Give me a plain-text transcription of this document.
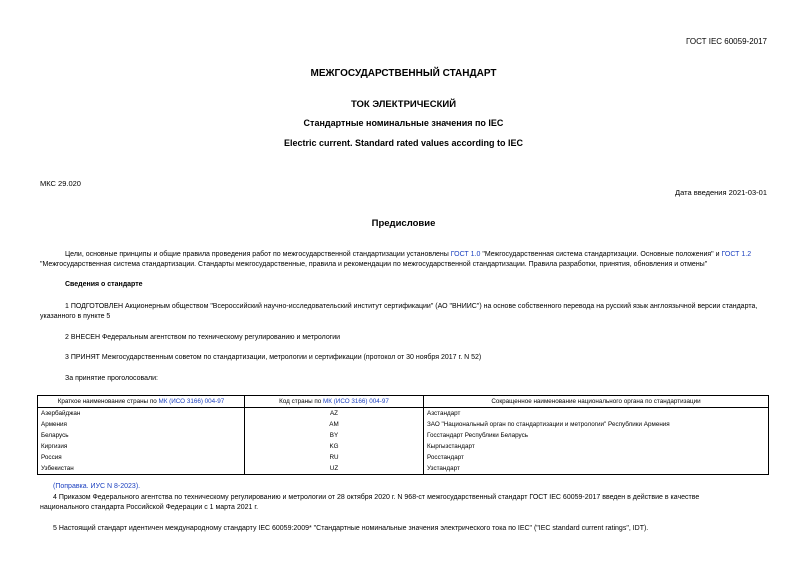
ГОСТ IEC 60059-2017
МЕЖГОСУДАРСТВЕННЫЙ СТАНДАРТ
ТОК ЭЛЕКТРИЧЕСКИЙ
Стандартные номинальные значения по IEC
Electric current. Standard rated values according to IEC
МКС 29.020
Дата введения 2021-03-01
Предисловие
Цели, основные принципы и общие правила проведения работ по межгосударственной стандартизации установлены ГОСТ 1.0 "Межгосударственная система стандартизации. Основные положения" и ГОСТ 1.2
"Межгосударственная система стандартизации. Стандарты межгосударственные, правила и рекомендации по межгосударственной стандартизации. Правила разработки, принятия, обновления и отмены"
Сведения о стандарте
1 ПОДГОТОВЛЕН Акционерным обществом "Всероссийский научно-исследовательский институт сертификации" (АО "ВНИИС") на основе собственного перевода на русский язык англоязычной версии стандарта,
указанного в пункте 5
2 ВНЕСЕН Федеральным агентством по техническому регулированию и метрологии
3 ПРИНЯТ Межгосударственным советом по стандартизации, метрологии и сертификации (протокол от 30 ноября 2017 г. N 52)
За принятие проголосовали:
Краткое наименование страны по МК (ИСО 3166) 004-97	Код страны по МК (ИСО 3166) 004-97	Сокращенное наименование национального органа по стандартизации
Азербайджан	AZ	Азстандарт
Армения	AM	ЗАО "Национальный орган по стандартизации и метрологии" Республики Армения
Беларусь	BY	Госстандарт Республики Беларусь
Киргизия	KG	Кыргызстандарт
Россия	RU	Росстандарт
Узбекистан	UZ	Узстандарт
(Поправка. ИУС N 8-2023).
4 Приказом Федерального агентства по техническому регулированию и метрологии от 28 октября 2020 г. N 968-ст межгосударственный стандарт ГОСТ IEC 60059-2017 введен в действие в качестве
национального стандарта Российской Федерации с 1 марта 2021 г.
5 Настоящий стандарт идентичен международному стандарту IEC 60059:2009* "Стандартные номинальные значения электрического тока по IEC" ("IEC standard current ratings", IDT).
